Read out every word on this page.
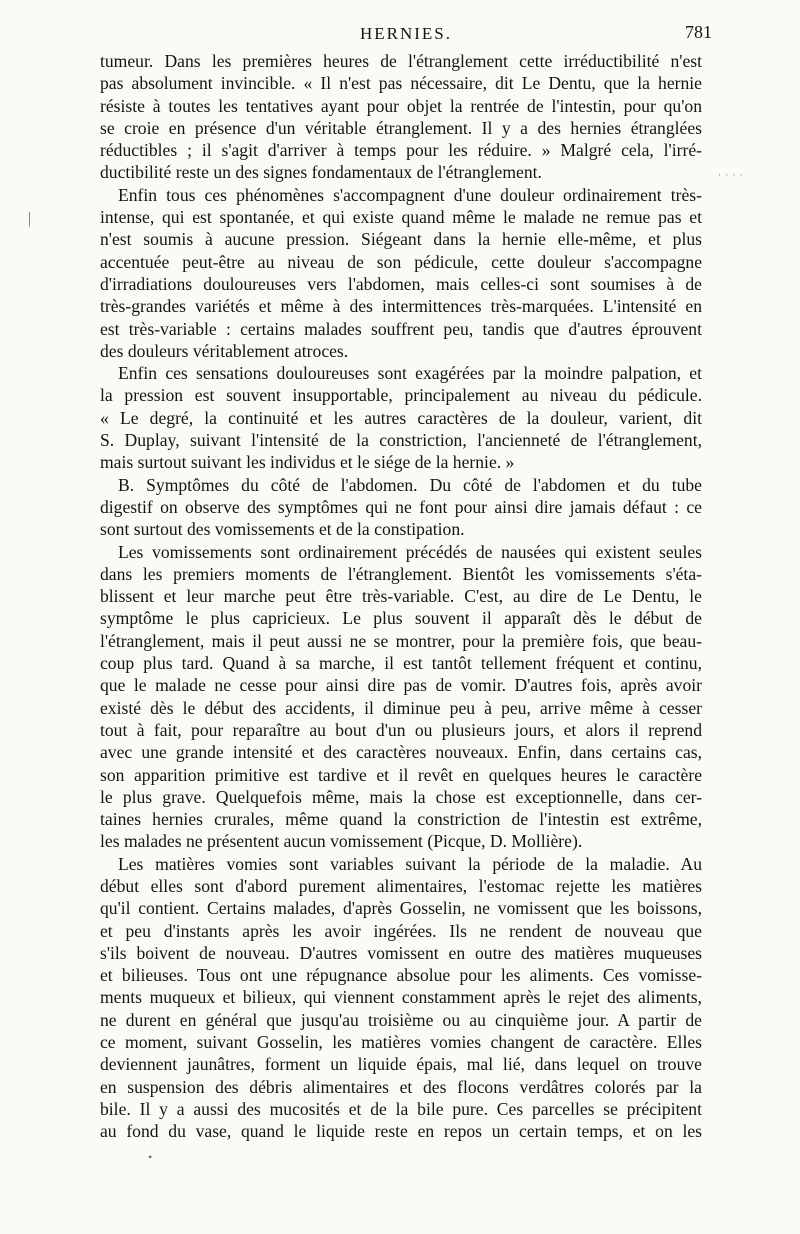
HERNIES.	781

tumeur. Dans les premières heures de l'étranglement cette irréductibilité n'est
pas absolument invincible. « Il n'est pas nécessaire, dit Le Dentu, que la hernie
résiste à toutes les tentatives ayant pour objet la rentrée de l'intestin, pour qu'on
se croie en présence d'un véritable étranglement. Il y a des hernies étranglées
réductibles ; il s'agit d'arriver à temps pour les réduire. » Malgré cela, l'irré-

ductibilité reste un des signes fondamentaux de l'étranglement.

Enfin tous ces phénomènes s'accompagnent d'une douleur ordinairement très-

intense, qui est spontanée, et qui existe quand même le malade ne remue pas et
n'est soumis à aucune pression. Siégeant dans la hernie elle-même, et plus
accentuée peut-être au niveau de son pédicule, cette douleur s'accompagne
d'irradiations douloureuses vers l'abdomen, mais celles-ci sont soumises à de
très-grandes variétés et même à des intermittences très-marquées. L'intensité en
est très-variable : certains malades souffrent peu, tandis que d'autres éprouvent

des douleurs véritablement atroces.

Enfin ces sensations douloureuses sont exagérées par la moindre palpation, et

la pression est souvent insupportable, principalement au niveau du pédicule.
« Le degré, la continuité et les autres caractères de la douleur, varient, dit
S. Duplay, suivant l'intensité de la constriction, l'ancienneté de l'étranglement,

mais surtout suivant les individus et le siége de la hernie. »

B. Symptômes du côté de l'abdomen. Du côté de l'abdomen et du tube

digestif on observe des symptômes qui ne font pour ainsi dire jamais défaut : ce

sont surtout des vomissements et de la constipation.

Les vomissements sont ordinairement précédés de nausées qui existent seules

dans les premiers moments de l'étranglement. Bientôt les vomissements s'éta-
blissent et leur marche peut être très-variable. C'est, au dire de Le Dentu, le
symptôme le plus capricieux. Le plus souvent il apparaît dès le début de
l'étranglement, mais il peut aussi ne se montrer, pour la première fois, que beau-
coup plus tard. Quand à sa marche, il est tantôt tellement fréquent et continu,
que le malade ne cesse pour ainsi dire pas de vomir. D'autres fois, après avoir
existé dès le début des accidents, il diminue peu à peu, arrive même à cesser
tout à fait, pour reparaître au bout d'un ou plusieurs jours, et alors il reprend
avec une grande intensité et des caractères nouveaux. Enfin, dans certains cas,
son apparition primitive est tardive et il revêt en quelques heures le caractère
le plus grave. Quelquefois même, mais la chose est exceptionnelle, dans cer-
taines hernies crurales, même quand la constriction de l'intestin est extrême,

les malades ne présentent aucun vomissement (Picque, D. Mollière).

Les matières vomies sont variables suivant la période de la maladie. Au

début elles sont d'abord purement alimentaires, l'estomac rejette les matières
qu'il contient. Certains malades, d'après Gosselin, ne vomissent que les boissons,
et peu d'instants après les avoir ingérées. Ils ne rendent de nouveau que
s'ils boivent de nouveau. D'autres vomissent en outre des matières muqueuses
et bilieuses. Tous ont une répugnance absolue pour les aliments. Ces vomisse-
ments muqueux et bilieux, qui viennent constamment après le rejet des aliments,
ne durent en général que jusqu'au troisième ou au cinquième jour. A partir de
ce moment, suivant Gosselin, les matières vomies changent de caractère. Elles
deviennent jaunâtres, forment un liquide épais, mal lié, dans lequel on trouve
en suspension des débris alimentaires et des flocons verdâtres colorés par la
bile. Il y a aussi des mucosités et de la bile pure. Ces parcelles se précipitent
au fond du vase, quand le liquide reste en repos un certain temps, et on les

· · · ·
|
•
